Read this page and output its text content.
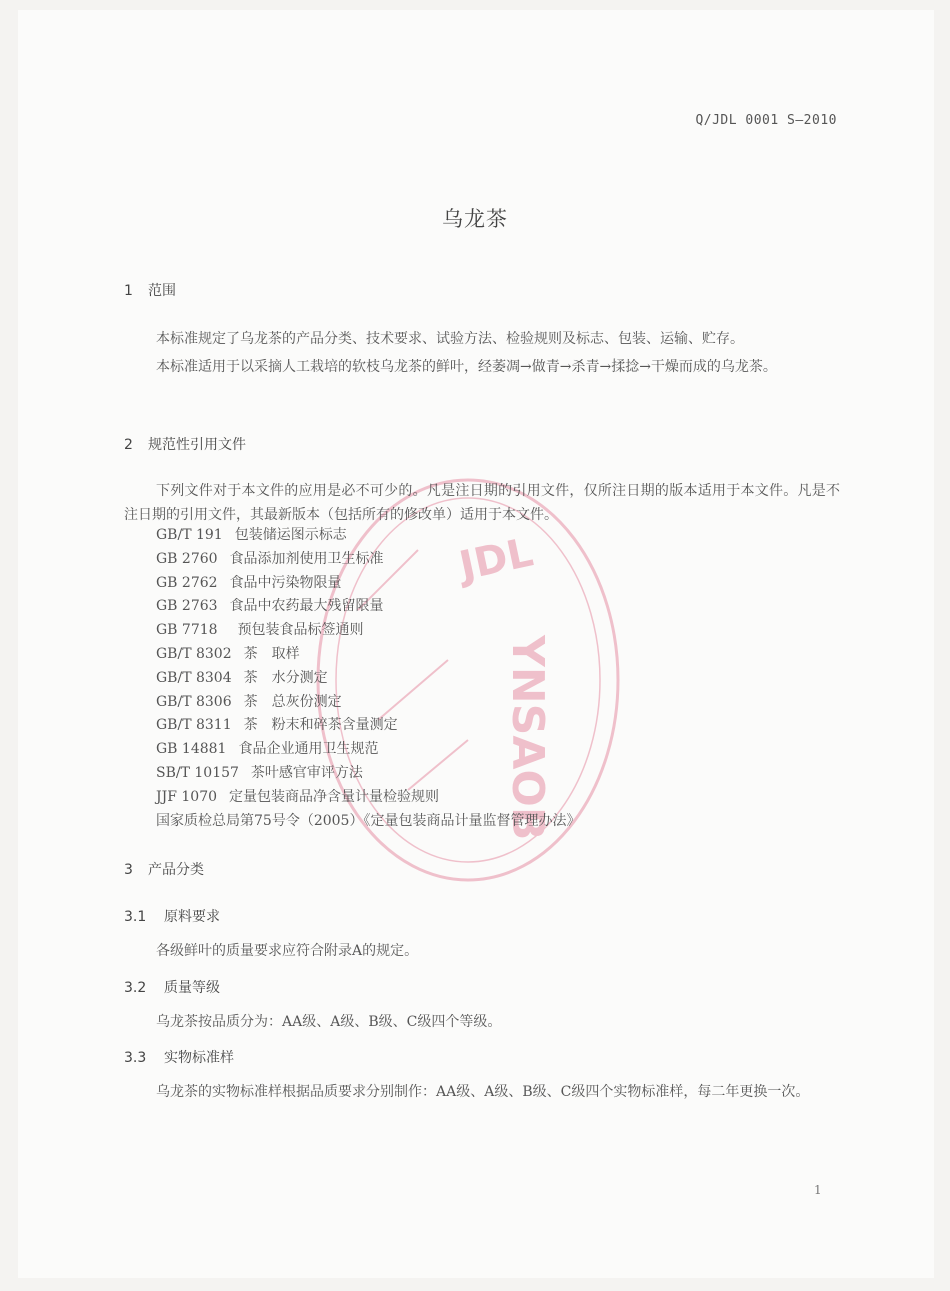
YNSAOB
JDL
Q/JDL 0001 S—2010
乌龙茶
1 范围
本标准规定了乌龙茶的产品分类、技术要求、试验方法、检验规则及标志、包装、运输、贮存。
本标准适用于以采摘人工栽培的软枝乌龙茶的鲜叶，经萎凋→做青→杀青→揉捻→干燥而成的乌龙茶。
2 规范性引用文件
下列文件对于本文件的应用是必不可少的。凡是注日期的引用文件，仅所注日期的版本适用于本文件。凡是不注日期的引用文件，其最新版本（包括所有的修改单）适用于本文件。
GB/T 191 包装储运图示标志
GB 2760 食品添加剂使用卫生标准
GB 2762 食品中污染物限量
GB 2763 食品中农药最大残留限量
GB 7718 预包装食品标签通则
GB/T 8302 茶　取样
GB/T 8304 茶　水分测定
GB/T 8306 茶　总灰份测定
GB/T 8311 茶　粉末和碎茶含量测定
GB 14881 食品企业通用卫生规范
SB/T 10157 茶叶感官审评方法
JJF 1070 定量包装商品净含量计量检验规则
国家质检总局第75号令（2005）《定量包装商品计量监督管理办法》
3 产品分类
3.1 原料要求
各级鲜叶的质量要求应符合附录A的规定。
3.2 质量等级
乌龙茶按品质分为：AA级、A级、B级、C级四个等级。
3.3 实物标准样
乌龙茶的实物标准样根据品质要求分别制作：AA级、A级、B级、C级四个实物标准样，每二年更换一次。
1
